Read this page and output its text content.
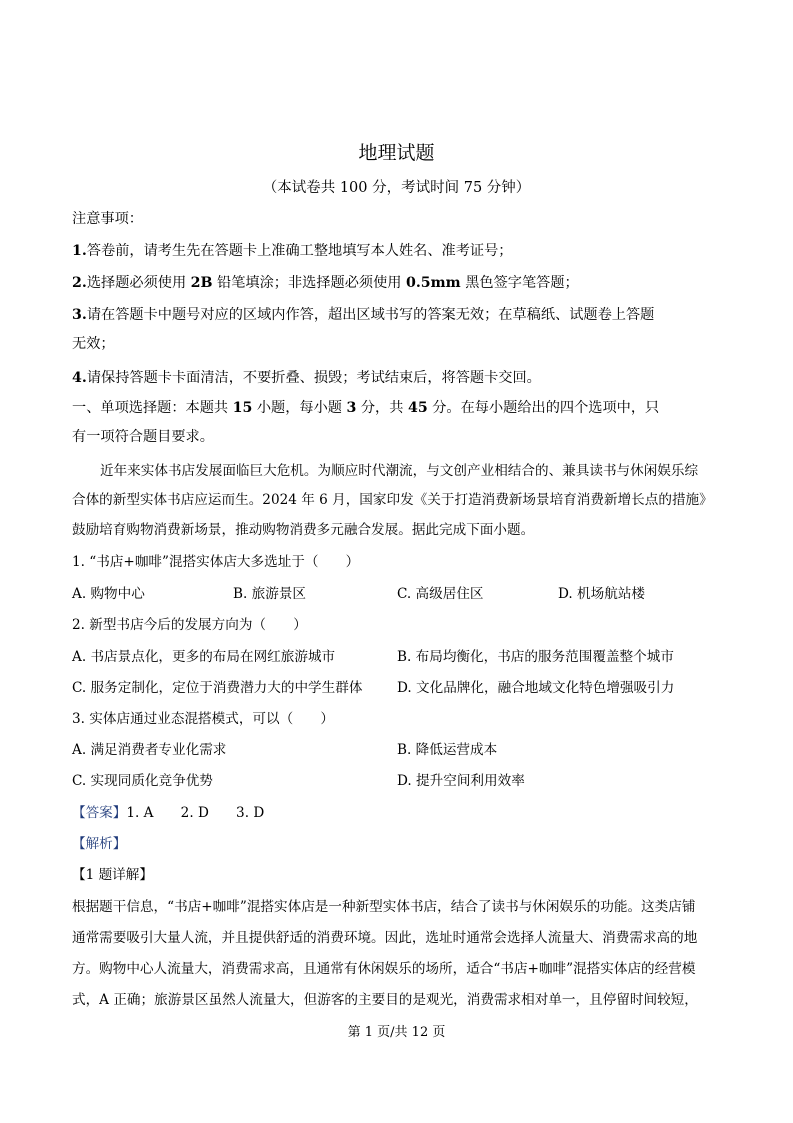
地理试题
（本试卷共 100 分，考试时间 75 分钟）
注意事项：
1.答卷前，请考生先在答题卡上准确工整地填写本人姓名、准考证号；
2.选择题必须使用 2B 铅笔填涂；非选择题必须使用 0.5mm 黑色签字笔答题；
3.请在答题卡中题号对应的区域内作答，超出区域书写的答案无效；在草稿纸、试题卷上答题
无效；
4.请保持答题卡卡面清洁，不要折叠、损毁；考试结束后，将答题卡交回。
一、单项选择题：本题共 15 小题，每小题 3 分，共 45 分。在每小题给出的四个选项中，只
有一项符合题目要求。
近年来实体书店发展面临巨大危机。为顺应时代潮流，与文创产业相结合的、兼具读书与休闲娱乐综
合体的新型实体书店应运而生。2024 年 6 月，国家印发《关于打造消费新场景培育消费新增长点的措施》
鼓励培育购物消费新场景，推动购物消费多元融合发展。据此完成下面小题。
1. “书店+咖啡”混搭实体店大多选址于（　　）
A. 购物中心	B. 旅游景区	C. 高级居住区	D. 机场航站楼
2. 新型书店今后的发展方向为（　　）
A. 书店景点化，更多的布局在网红旅游城市	B. 布局均衡化，书店的服务范围覆盖整个城市
C. 服务定制化，定位于消费潜力大的中学生群体	D. 文化品牌化，融合地域文化特色增强吸引力
3. 实体店通过业态混搭模式，可以（　　）
A. 满足消费者专业化需求	B. 降低运营成本
C. 实现同质化竞争优势	D. 提升空间利用效率
【答案】1. A　　2. D　　3. D
【解析】
【1 题详解】
根据题干信息，“书店+咖啡”混搭实体店是一种新型实体书店，结合了读书与休闲娱乐的功能。这类店铺
通常需要吸引大量人流，并且提供舒适的消费环境。因此，选址时通常会选择人流量大、消费需求高的地
方。购物中心人流量大，消费需求高，且通常有休闲娱乐的场所，适合“书店+咖啡”混搭实体店的经营模
式，A 正确；旅游景区虽然人流量大，但游客的主要目的是观光，消费需求相对单一，且停留时间较短，
第 1 页/共 12 页
